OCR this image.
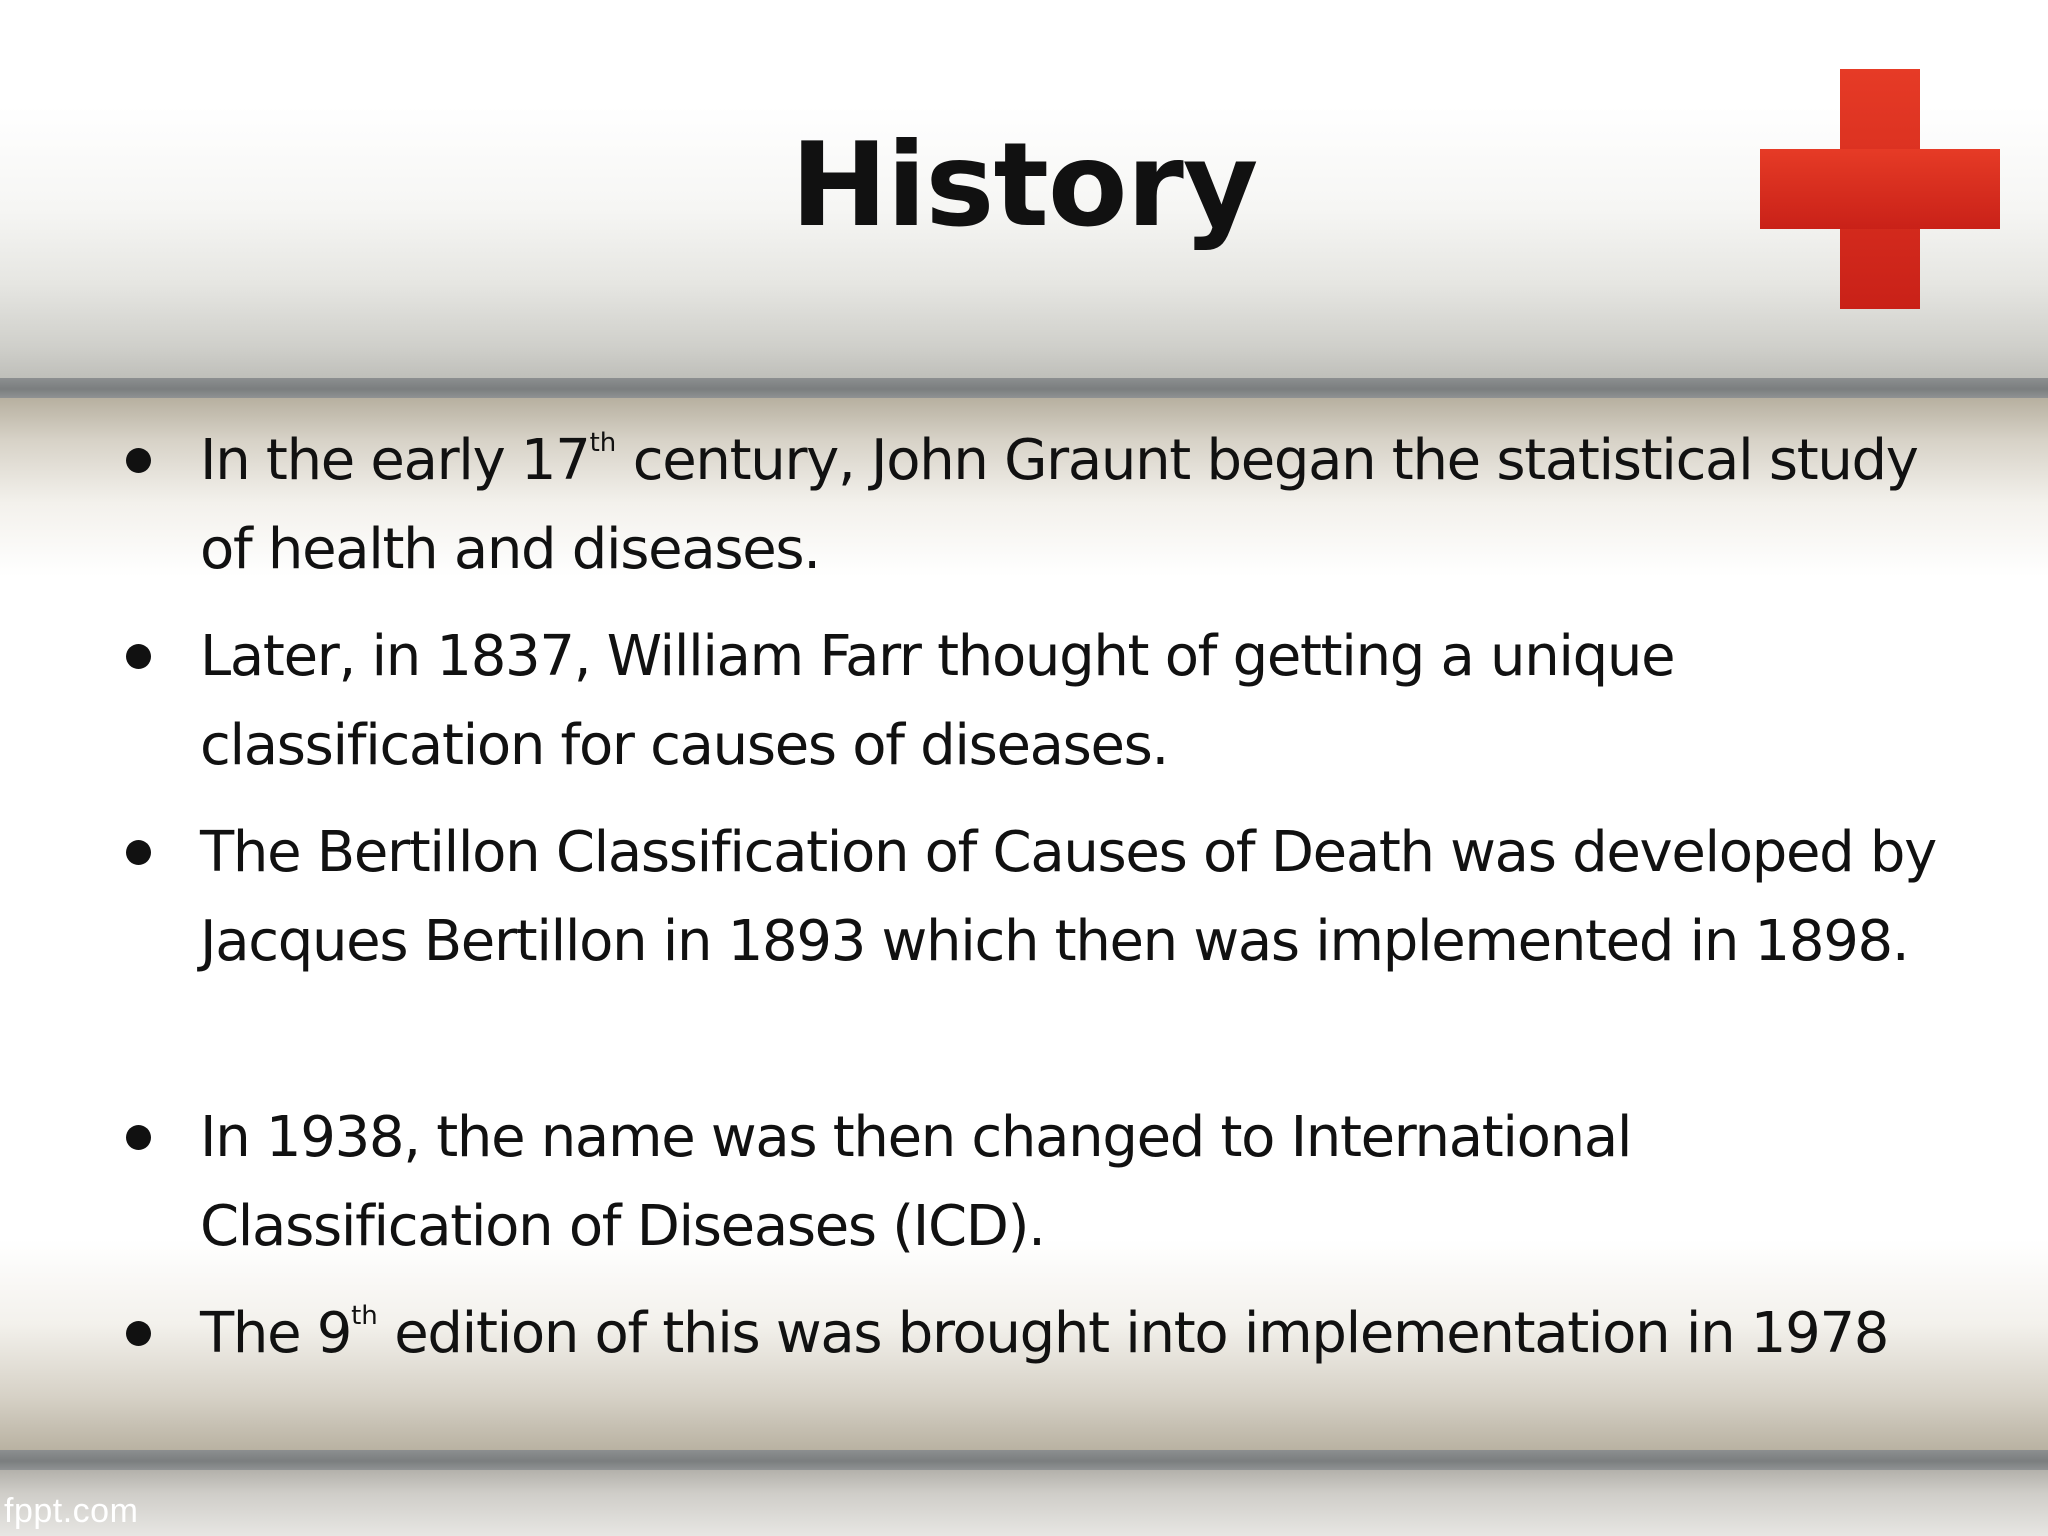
History
In the early 17th century, John Graunt began the statistical study of health and diseases.
Later, in 1837, William Farr thought of getting a unique classification for causes of diseases.
The Bertillon Classification of Causes of Death was developed by Jacques Bertillon in 1893 which then was implemented in 1898.
In 1938, the name was then changed to International Classification of Diseases (ICD).
The 9th edition of this was brought into implementation in 1978
fppt.com
